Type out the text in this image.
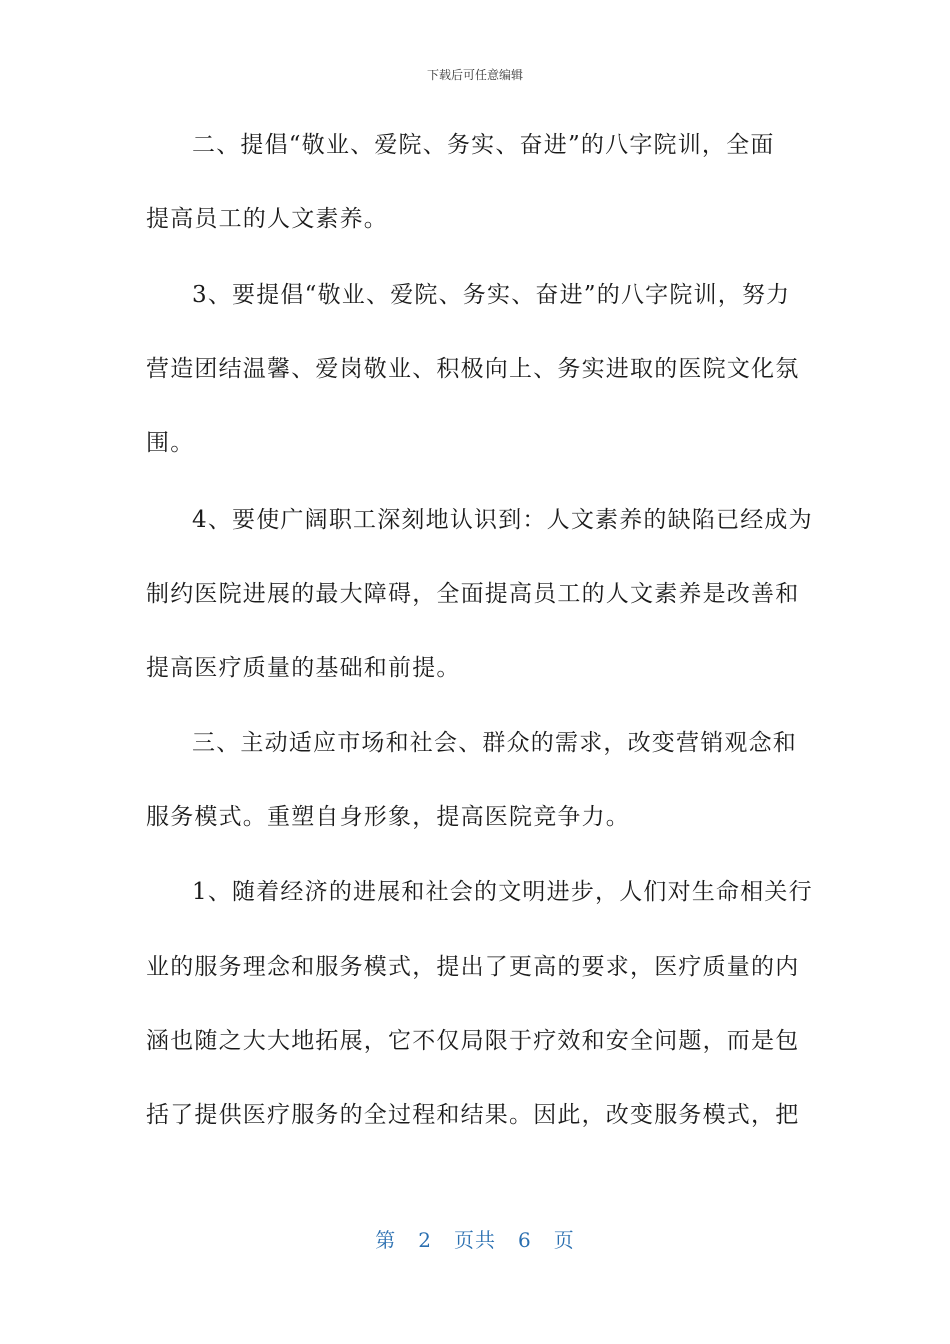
下载后可任意编辑
二、提倡“敬业、爱院、务实、奋进”的八字院训，全面
提高员工的人文素养。
3、要提倡“敬业、爱院、务实、奋进”的八字院训，努力
营造团结温馨、爱岗敬业、积极向上、务实进取的医院文化氛
围。
4、要使广阔职工深刻地认识到：人文素养的缺陷已经成为
制约医院进展的最大障碍，全面提高员工的人文素养是改善和
提高医疗质量的基础和前提。
三、主动适应市场和社会、群众的需求，改变营销观念和
服务模式。重塑自身形象，提高医院竞争力。
1、随着经济的进展和社会的文明进步，人们对生命相关行
业的服务理念和服务模式，提出了更高的要求，医疗质量的内
涵也随之大大地拓展，它不仅局限于疗效和安全问题，而是包
括了提供医疗服务的全过程和结果。因此，改变服务模式，把
第 2 页共 6 页
